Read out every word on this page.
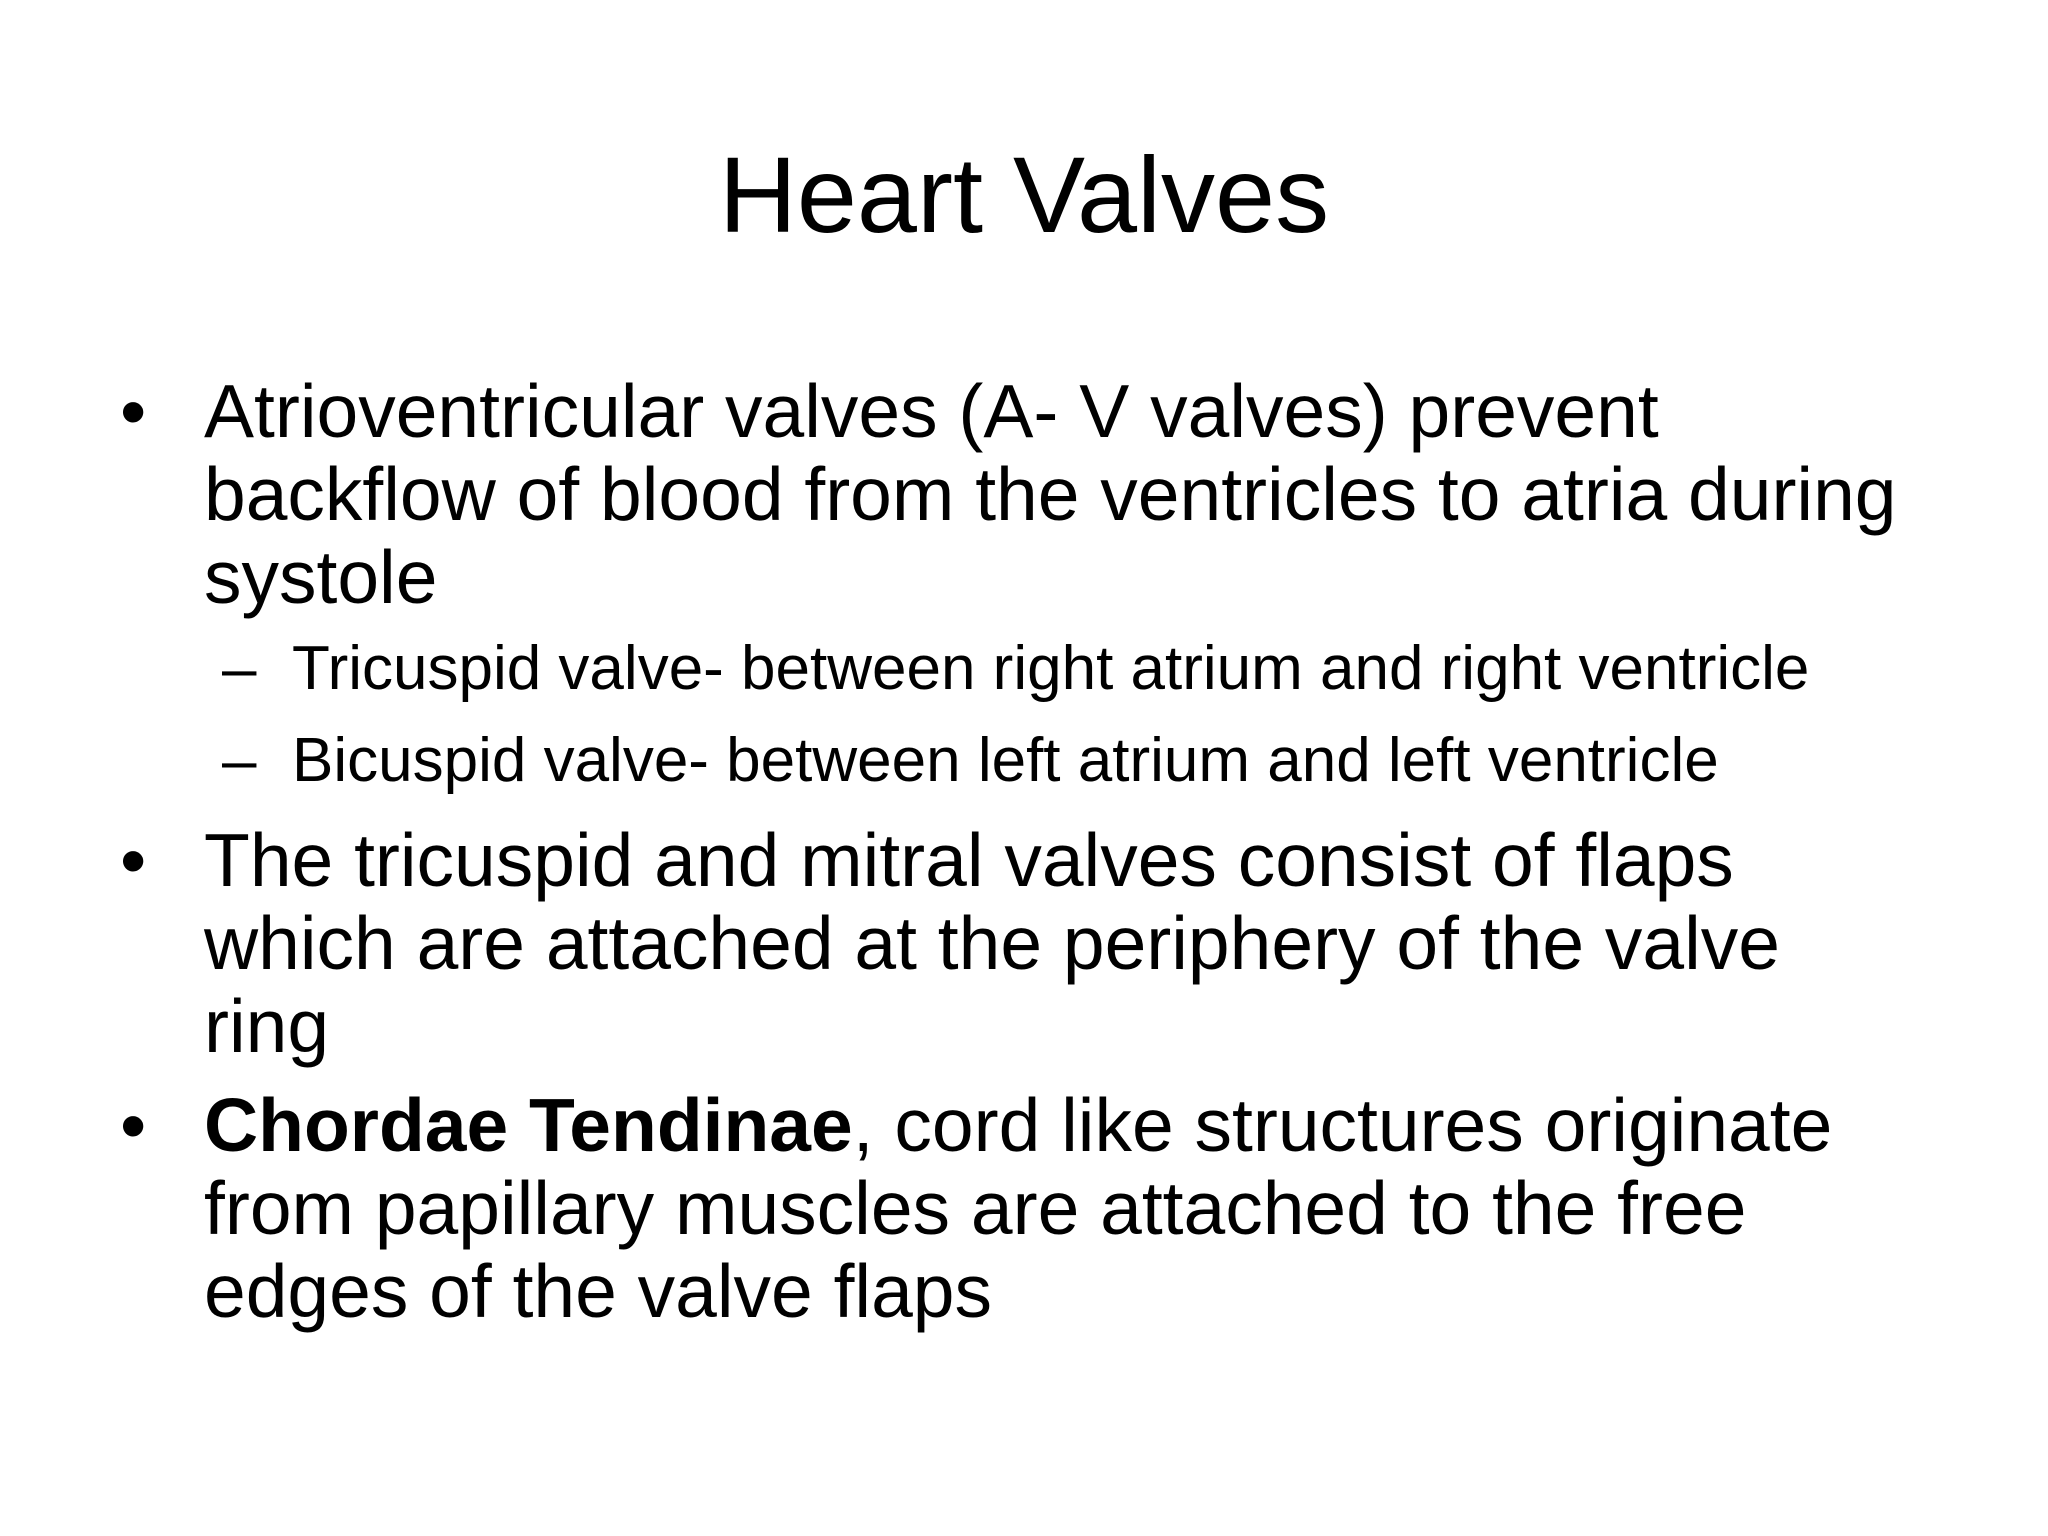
Heart Valves
• Atrioventricular valves (A- V valves) prevent backflow of blood from the ventricles to atria during systole
– Tricuspid valve- between right atrium and right ventricle
– Bicuspid valve- between left atrium and left ventricle
• The tricuspid and mitral valves consist of flaps which are attached at the periphery of the valve ring
• Chordae Tendinae, cord like structures originate from papillary muscles are attached to the free edges of the valve flaps
